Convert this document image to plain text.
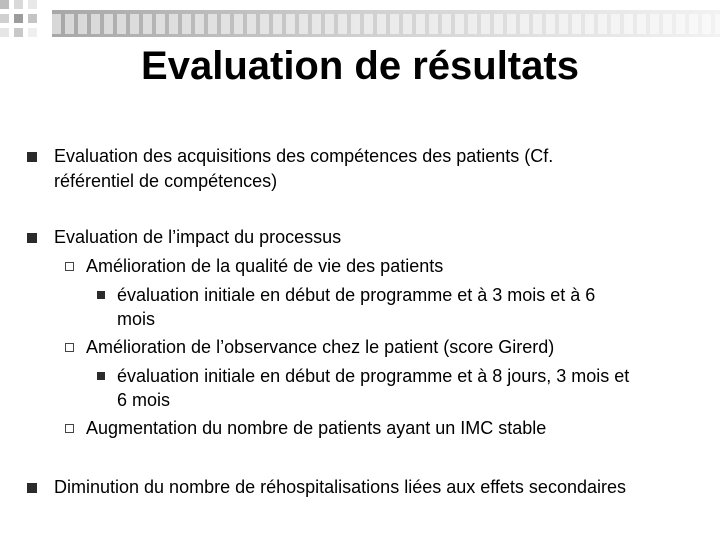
Evaluation de résultats
Evaluation des acquisitions des compétences des patients (Cf.
référentiel de compétences)
Evaluation de l’impact du processus
Amélioration de la qualité de vie des patients
évaluation initiale en début de programme et à 3 mois et à 6
mois
Amélioration de l’observance chez le patient (score Girerd)
évaluation initiale en début de programme et à 8 jours, 3 mois et
6 mois
Augmentation du nombre de patients ayant un IMC stable
Diminution du nombre de réhospitalisations liées aux effets secondaires
